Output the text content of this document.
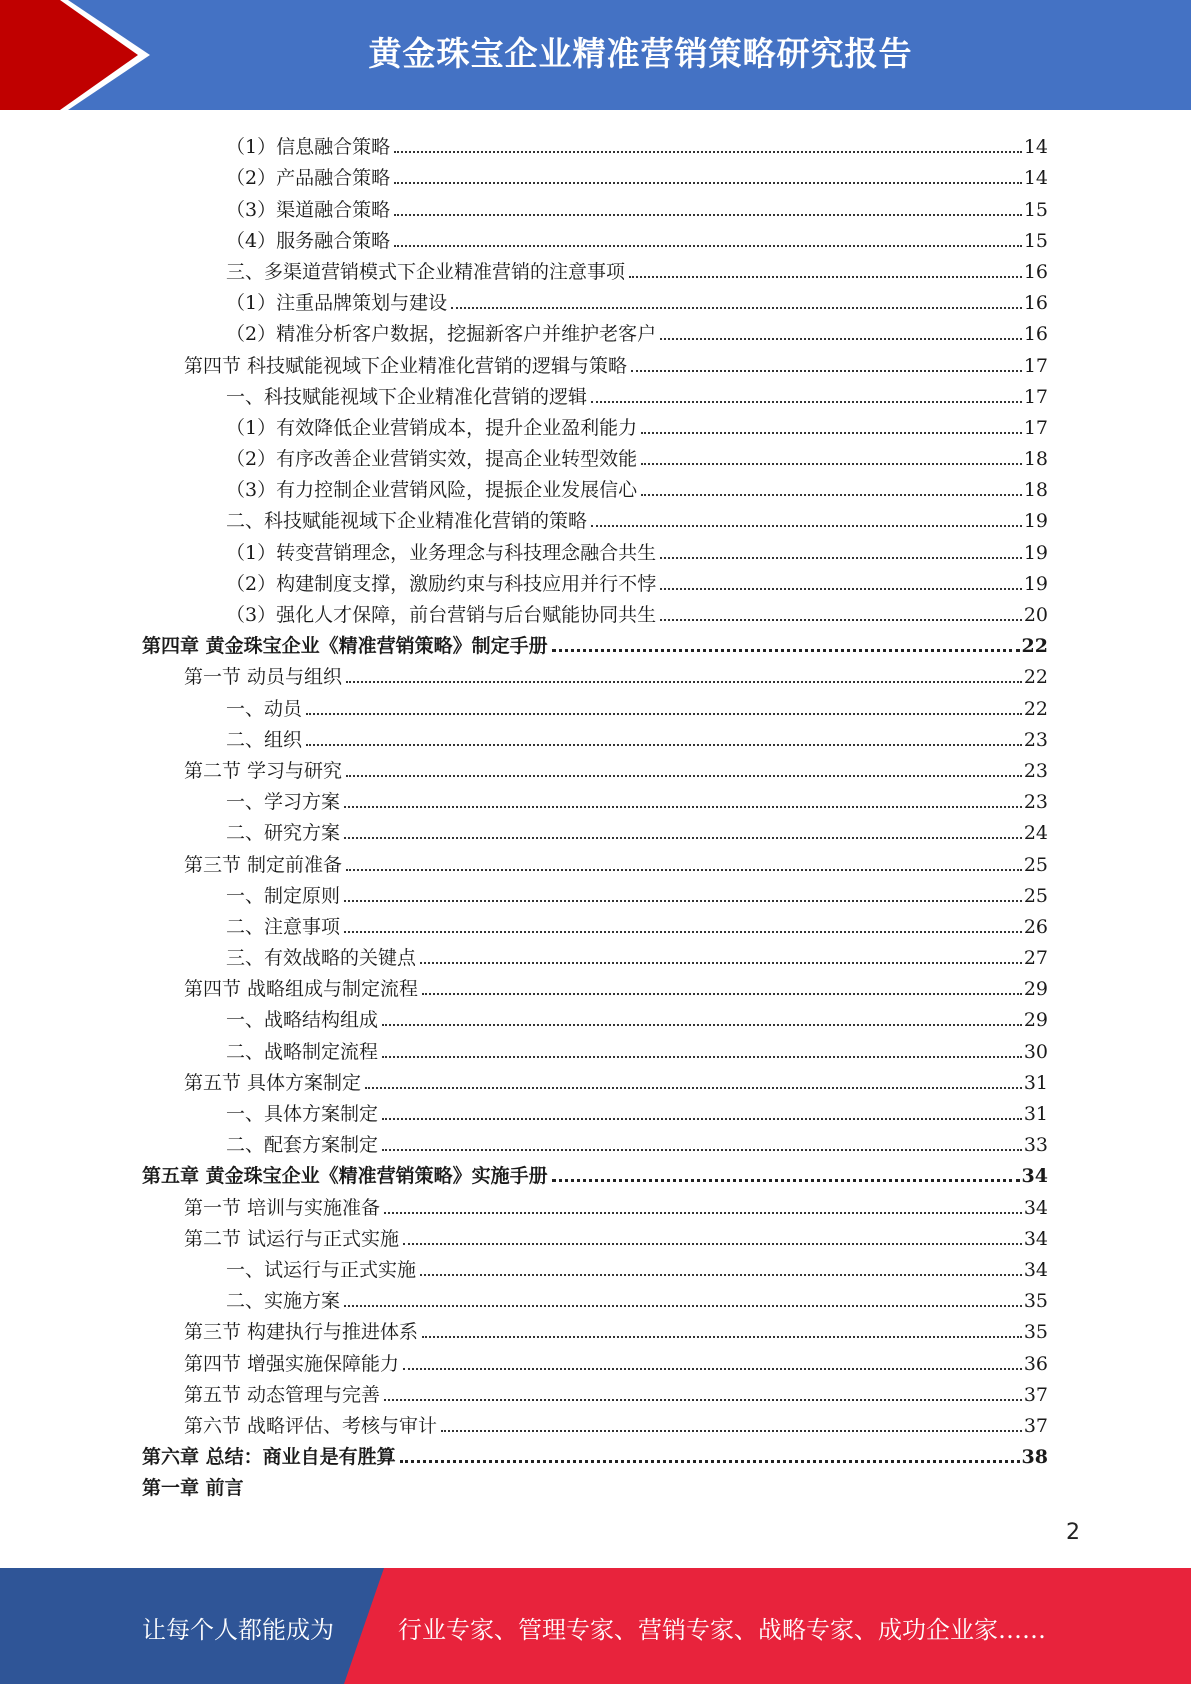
黄金珠宝企业精准营销策略研究报告
（1）信息融合策略	14
（2）产品融合策略	14
（3）渠道融合策略	15
（4）服务融合策略	15
三、多渠道营销模式下企业精准营销的注意事项	16
（1）注重品牌策划与建设	16
（2）精准分析客户数据，挖掘新客户并维护老客户	16
第四节 科技赋能视域下企业精准化营销的逻辑与策略	17
一、科技赋能视域下企业精准化营销的逻辑	17
（1）有效降低企业营销成本，提升企业盈利能力	17
（2）有序改善企业营销实效，提高企业转型效能	18
（3）有力控制企业营销风险，提振企业发展信心	18
二、科技赋能视域下企业精准化营销的策略	19
（1）转变营销理念，业务理念与科技理念融合共生	19
（2）构建制度支撑，激励约束与科技应用并行不悖	19
（3）强化人才保障，前台营销与后台赋能协同共生	20
第四章 黄金珠宝企业《精准营销策略》制定手册	22
第一节 动员与组织	22
一、动员	22
二、组织	23
第二节 学习与研究	23
一、学习方案	23
二、研究方案	24
第三节 制定前准备	25
一、制定原则	25
二、注意事项	26
三、有效战略的关键点	27
第四节 战略组成与制定流程	29
一、战略结构组成	29
二、战略制定流程	30
第五节 具体方案制定	31
一、具体方案制定	31
二、配套方案制定	33
第五章 黄金珠宝企业《精准营销策略》实施手册	34
第一节 培训与实施准备	34
第二节 试运行与正式实施	34
一、试运行与正式实施	34
二、实施方案	35
第三节 构建执行与推进体系	35
第四节 增强实施保障能力	36
第五节 动态管理与完善	37
第六节 战略评估、考核与审计	37
第六章 总结：商业自是有胜算	38
第一章 前言
2
让每个人都能成为	行业专家、管理专家、营销专家、战略专家、成功企业家……
